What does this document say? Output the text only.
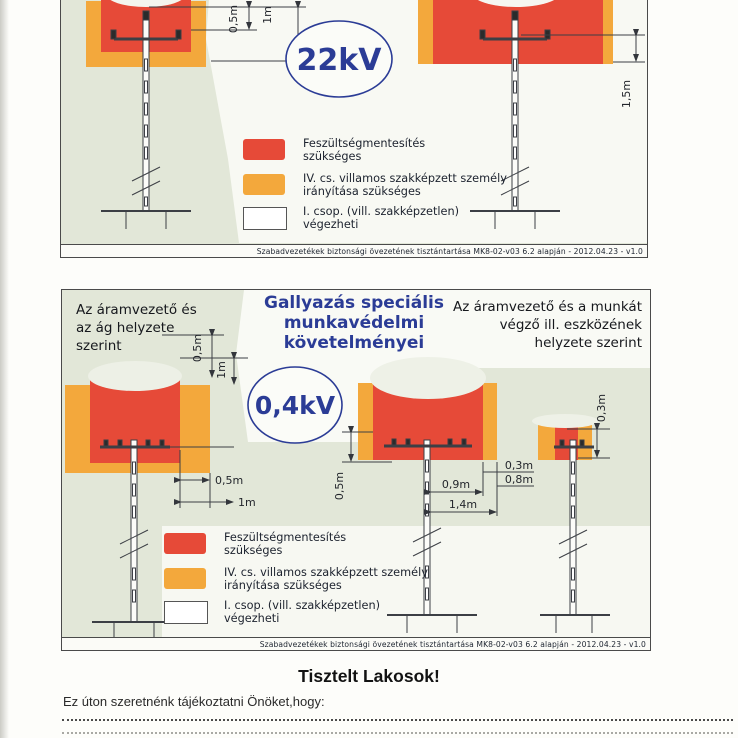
0,5m 1m
1,5m
22kV
Feszültségmentesítés
szükséges
IV. cs. villamos szakképzett személy
irányítása szükséges
I. csop. (vill. szakképzetlen)
végezheti
Szabadvezetékek biztonsági övezetének tisztántartása MK8-02-v03 6.2 alapján - 2012.04.23 - v1.0
0,5m
1m
0,5m
1m
0,5m	0,9m
1,4m
0,3m
0,8m
0,3m
0,4kV
Az áramvezető és
az ág helyzete
szerint
Gallyazás speciális
munkavédelmi
követelményei
Az áramvezető és a munkát
végző ill. eszközének
helyzete szerint
Feszültségmentesítés
szükséges
IV. cs. villamos szakképzett személy
irányítása szükséges
I. csop. (vill. szakképzetlen)
végezheti
Szabadvezetékek biztonsági övezetének tisztántartása MK8-02-v03 6.2 alapján - 2012.04.23 - v1.0
Tisztelt Lakosok!

Ez úton szeretnénk tájékoztatni Önöket,hogy:
